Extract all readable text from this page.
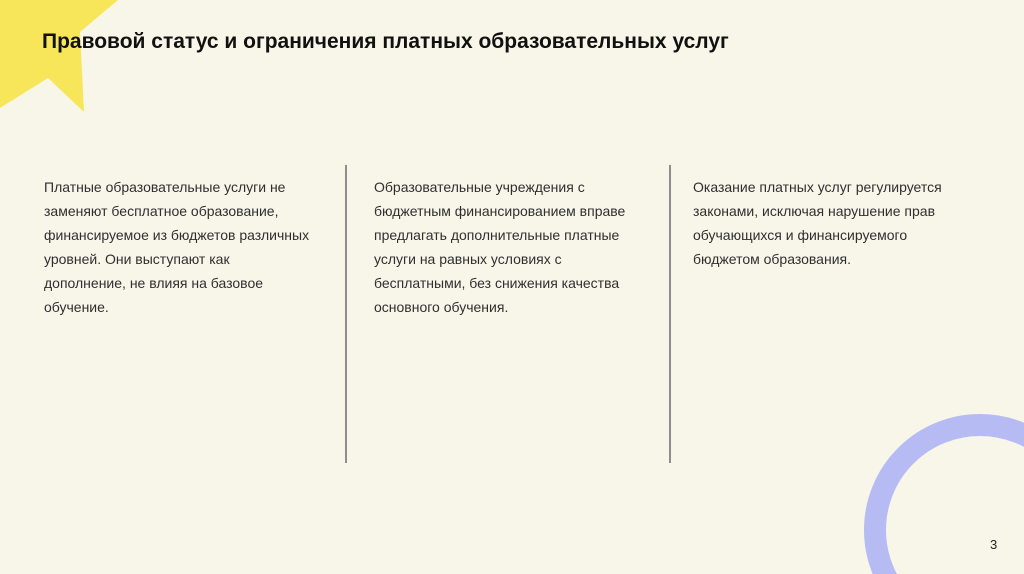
Правовой статус и ограничения платных образовательных услуг

Платные образовательные услуги не заменяют бесплатное образование, финансируемое из бюджетов различных уровней. Они выступают как дополнение, не влияя на базовое обучение.

Образовательные учреждения с бюджетным финансированием вправе предлагать дополнительные платные услуги на равных условиях с бесплатными, без снижения качества основного обучения.

Оказание платных услуг регулируется законами, исключая нарушение прав обучающихся и финансируемого бюджетом образования.

3
